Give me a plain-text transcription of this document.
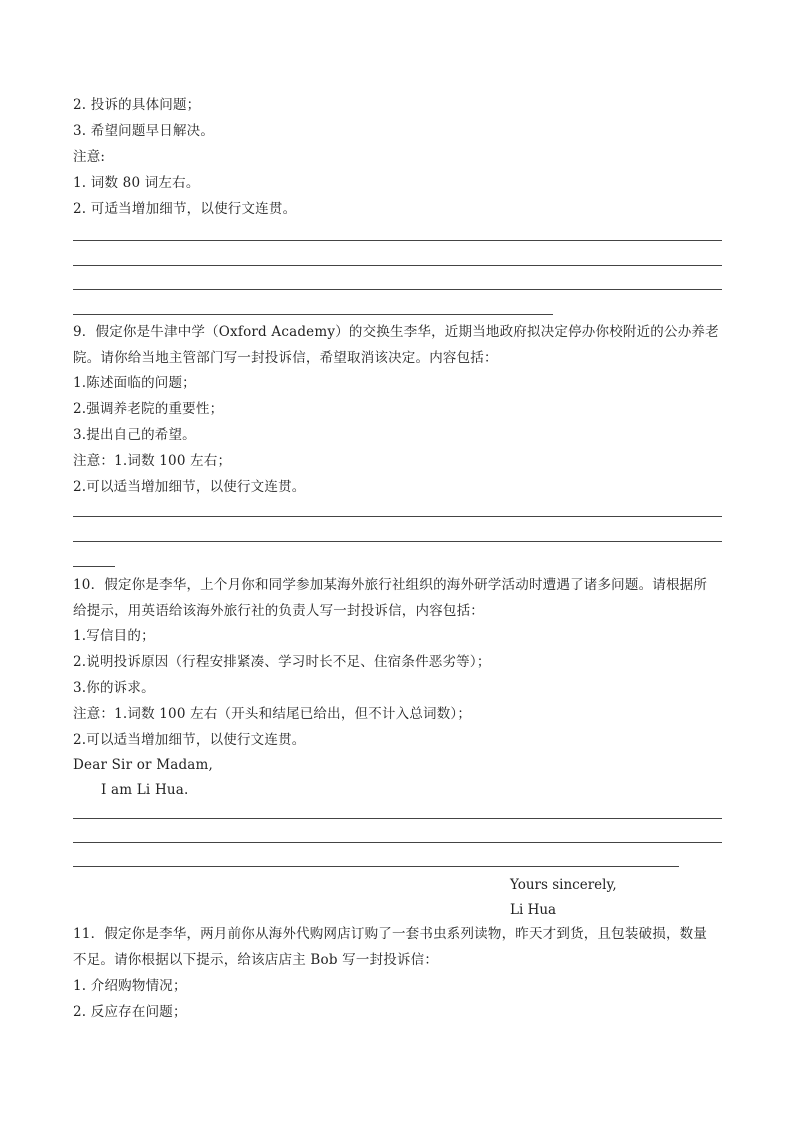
2. 投诉的具体问题；
3. 希望问题早日解决。
注意:
1. 词数 80 词左右。
2. 可适当增加细节，以使行文连贯。
9．假定你是牛津中学（Oxford Academy）的交换生李华，近期当地政府拟决定停办你校附近的公办养老
院。请你给当地主管部门写一封投诉信，希望取消该决定。内容包括：
1.陈述面临的问题；
2.强调养老院的重要性；
3.提出自己的希望。
注意：1.词数 100 左右；
2.可以适当增加细节，以使行文连贯。
10．假定你是李华，上个月你和同学参加某海外旅行社组织的海外研学活动时遭遇了诸多问题。请根据所
给提示，用英语给该海外旅行社的负责人写一封投诉信，内容包括：
1.写信目的；
2.说明投诉原因（行程安排紧凑、学习时长不足、住宿条件恶劣等）；
3.你的诉求。
注意：1.词数 100 左右（开头和结尾已给出，但不计入总词数）；
2.可以适当增加细节，以使行文连贯。
Dear Sir or Madam,
I am Li Hua.
Yours sincerely,
Li Hua
11．假定你是李华，两月前你从海外代购网店订购了一套书虫系列读物，昨天才到货，且包装破损，数量
不足。请你根据以下提示，给该店店主 Bob 写一封投诉信：
1. 介绍购物情况；
2. 反应存在问题；
